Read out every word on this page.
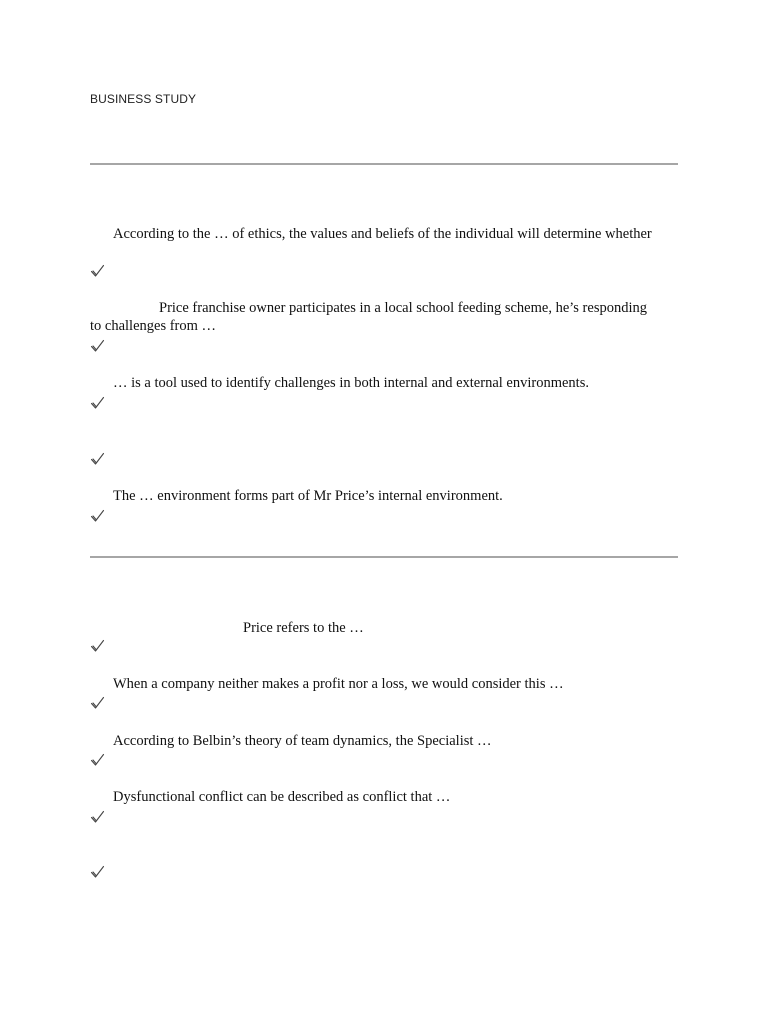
BUSINESS STUDY
According to the … of ethics, the values and beliefs of the individual will determine whether
Price franchise owner participates in a local school feeding scheme, he’s responding
to challenges from …
… is a tool used to identify challenges in both internal and external environments.
The … environment forms part of Mr Price’s internal environment.
Price refers to the …
When a company neither makes a profit nor a loss, we would consider this …
According to Belbin’s theory of team dynamics, the Specialist …
Dysfunctional conflict can be described as conflict that …
